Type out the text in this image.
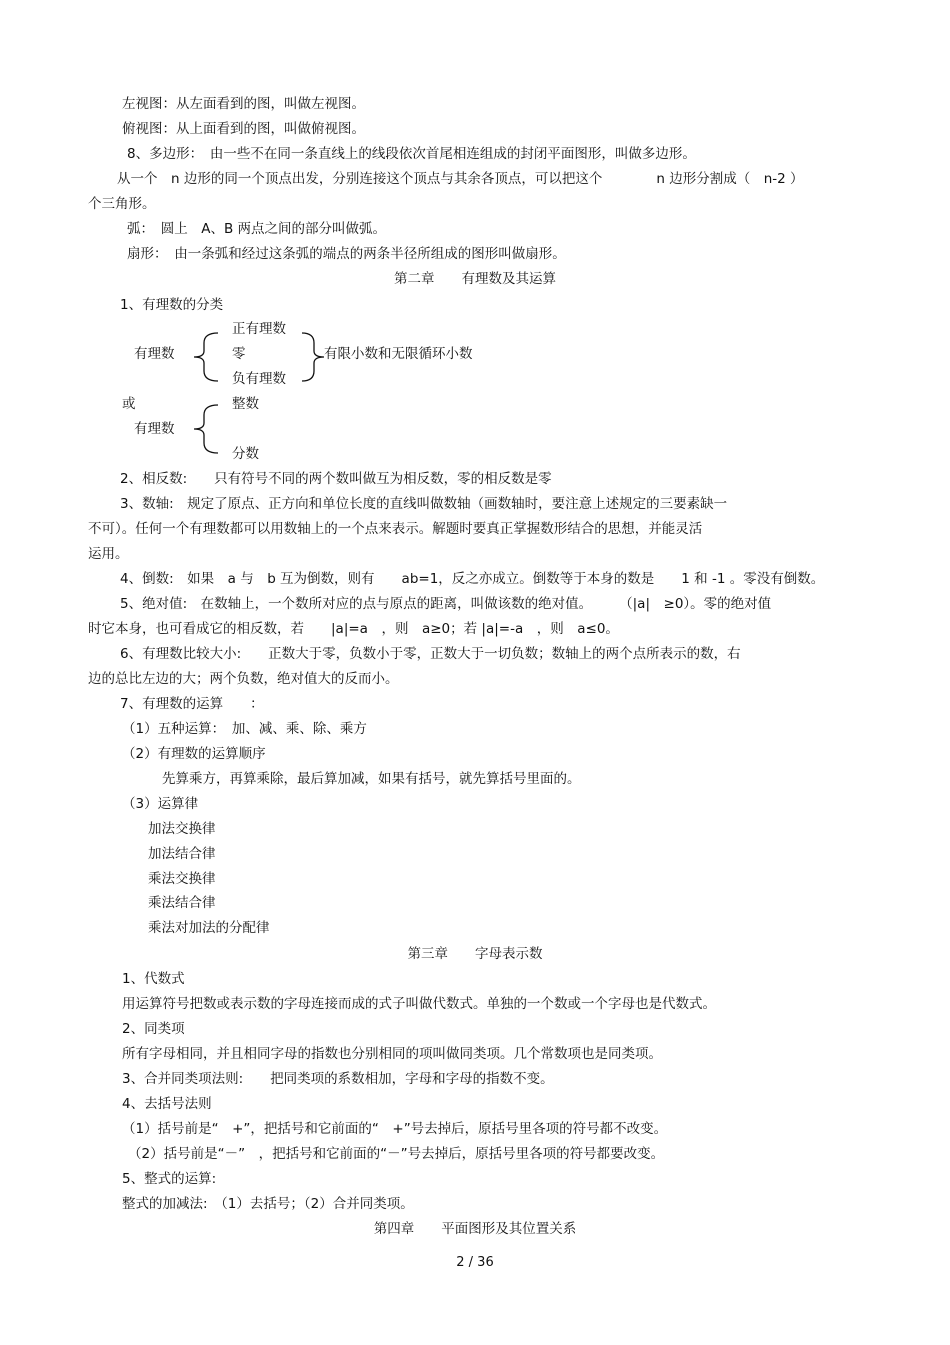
左视图：从左面看到的图，叫做左视图。
俯视图：从上面看到的图，叫做俯视图。
8、多边形：　由一些不在同一条直线上的线段依次首尾相连组成的封闭平面图形，叫做多边形。
从一个　n 边形的同一个顶点出发，分别连接这个顶点与其余各顶点，可以把这个　　　　n 边形分割成（　n-2 ）
个三角形。
弧：　圆上　A、B 两点之间的部分叫做弧。
扇形：　由一条弧和经过这条弧的端点的两条半径所组成的图形叫做扇形。
第二章　　有理数及其运算
1、有理数的分类
有理数
正有理数
零
负有理数
有限小数和无限循环小数
或
有理数
整数
分数
2、相反数:　　只有符号不同的两个数叫做互为相反数，零的相反数是零
3、数轴:　规定了原点、正方向和单位长度的直线叫做数轴（画数轴时，要注意上述规定的三要素缺一
不可）。任何一个有理数都可以用数轴上的一个点来表示。解题时要真正掌握数形结合的思想，并能灵活
运用。
4、倒数:　如果　a 与　b 互为倒数，则有　　ab=1，反之亦成立。倒数等于本身的数是　　1 和 -1 。零没有倒数。
5、绝对值:　在数轴上，一个数所对应的点与原点的距离，叫做该数的绝对值。　　　（|a|　≥0）。零的绝对值
时它本身，也可看成它的相反数，若　　|a|=a　，则　a≥0；若 |a|=-a　，则　a≤0。
6、有理数比较大小:　　正数大于零，负数小于零，正数大于一切负数；数轴上的两个点所表示的数，右
边的总比左边的大；两个负数，绝对值大的反而小。
7、有理数的运算　　：
（1）五种运算：　加、减、乘、除、乘方
（2）有理数的运算顺序
先算乘方，再算乘除，最后算加减，如果有括号，就先算括号里面的。
（3）运算律
加法交换律
加法结合律
乘法交换律
乘法结合律
乘法对加法的分配律
第三章　　字母表示数
1、代数式
用运算符号把数或表示数的字母连接而成的式子叫做代数式。单独的一个数或一个字母也是代数式。
2、同类项
所有字母相同，并且相同字母的指数也分别相同的项叫做同类项。几个常数项也是同类项。
3、合并同类项法则:　　把同类项的系数相加，字母和字母的指数不变。
4、去括号法则
（1）括号前是“　+”，把括号和它前面的“　+”号去掉后，原括号里各项的符号都不改变。
（2）括号前是“－”　，把括号和它前面的“－”号去掉后，原括号里各项的符号都要改变。
5、整式的运算:
整式的加减法:　（1）去括号；（2）合并同类项。
第四章　　平面图形及其位置关系
2 / 36
